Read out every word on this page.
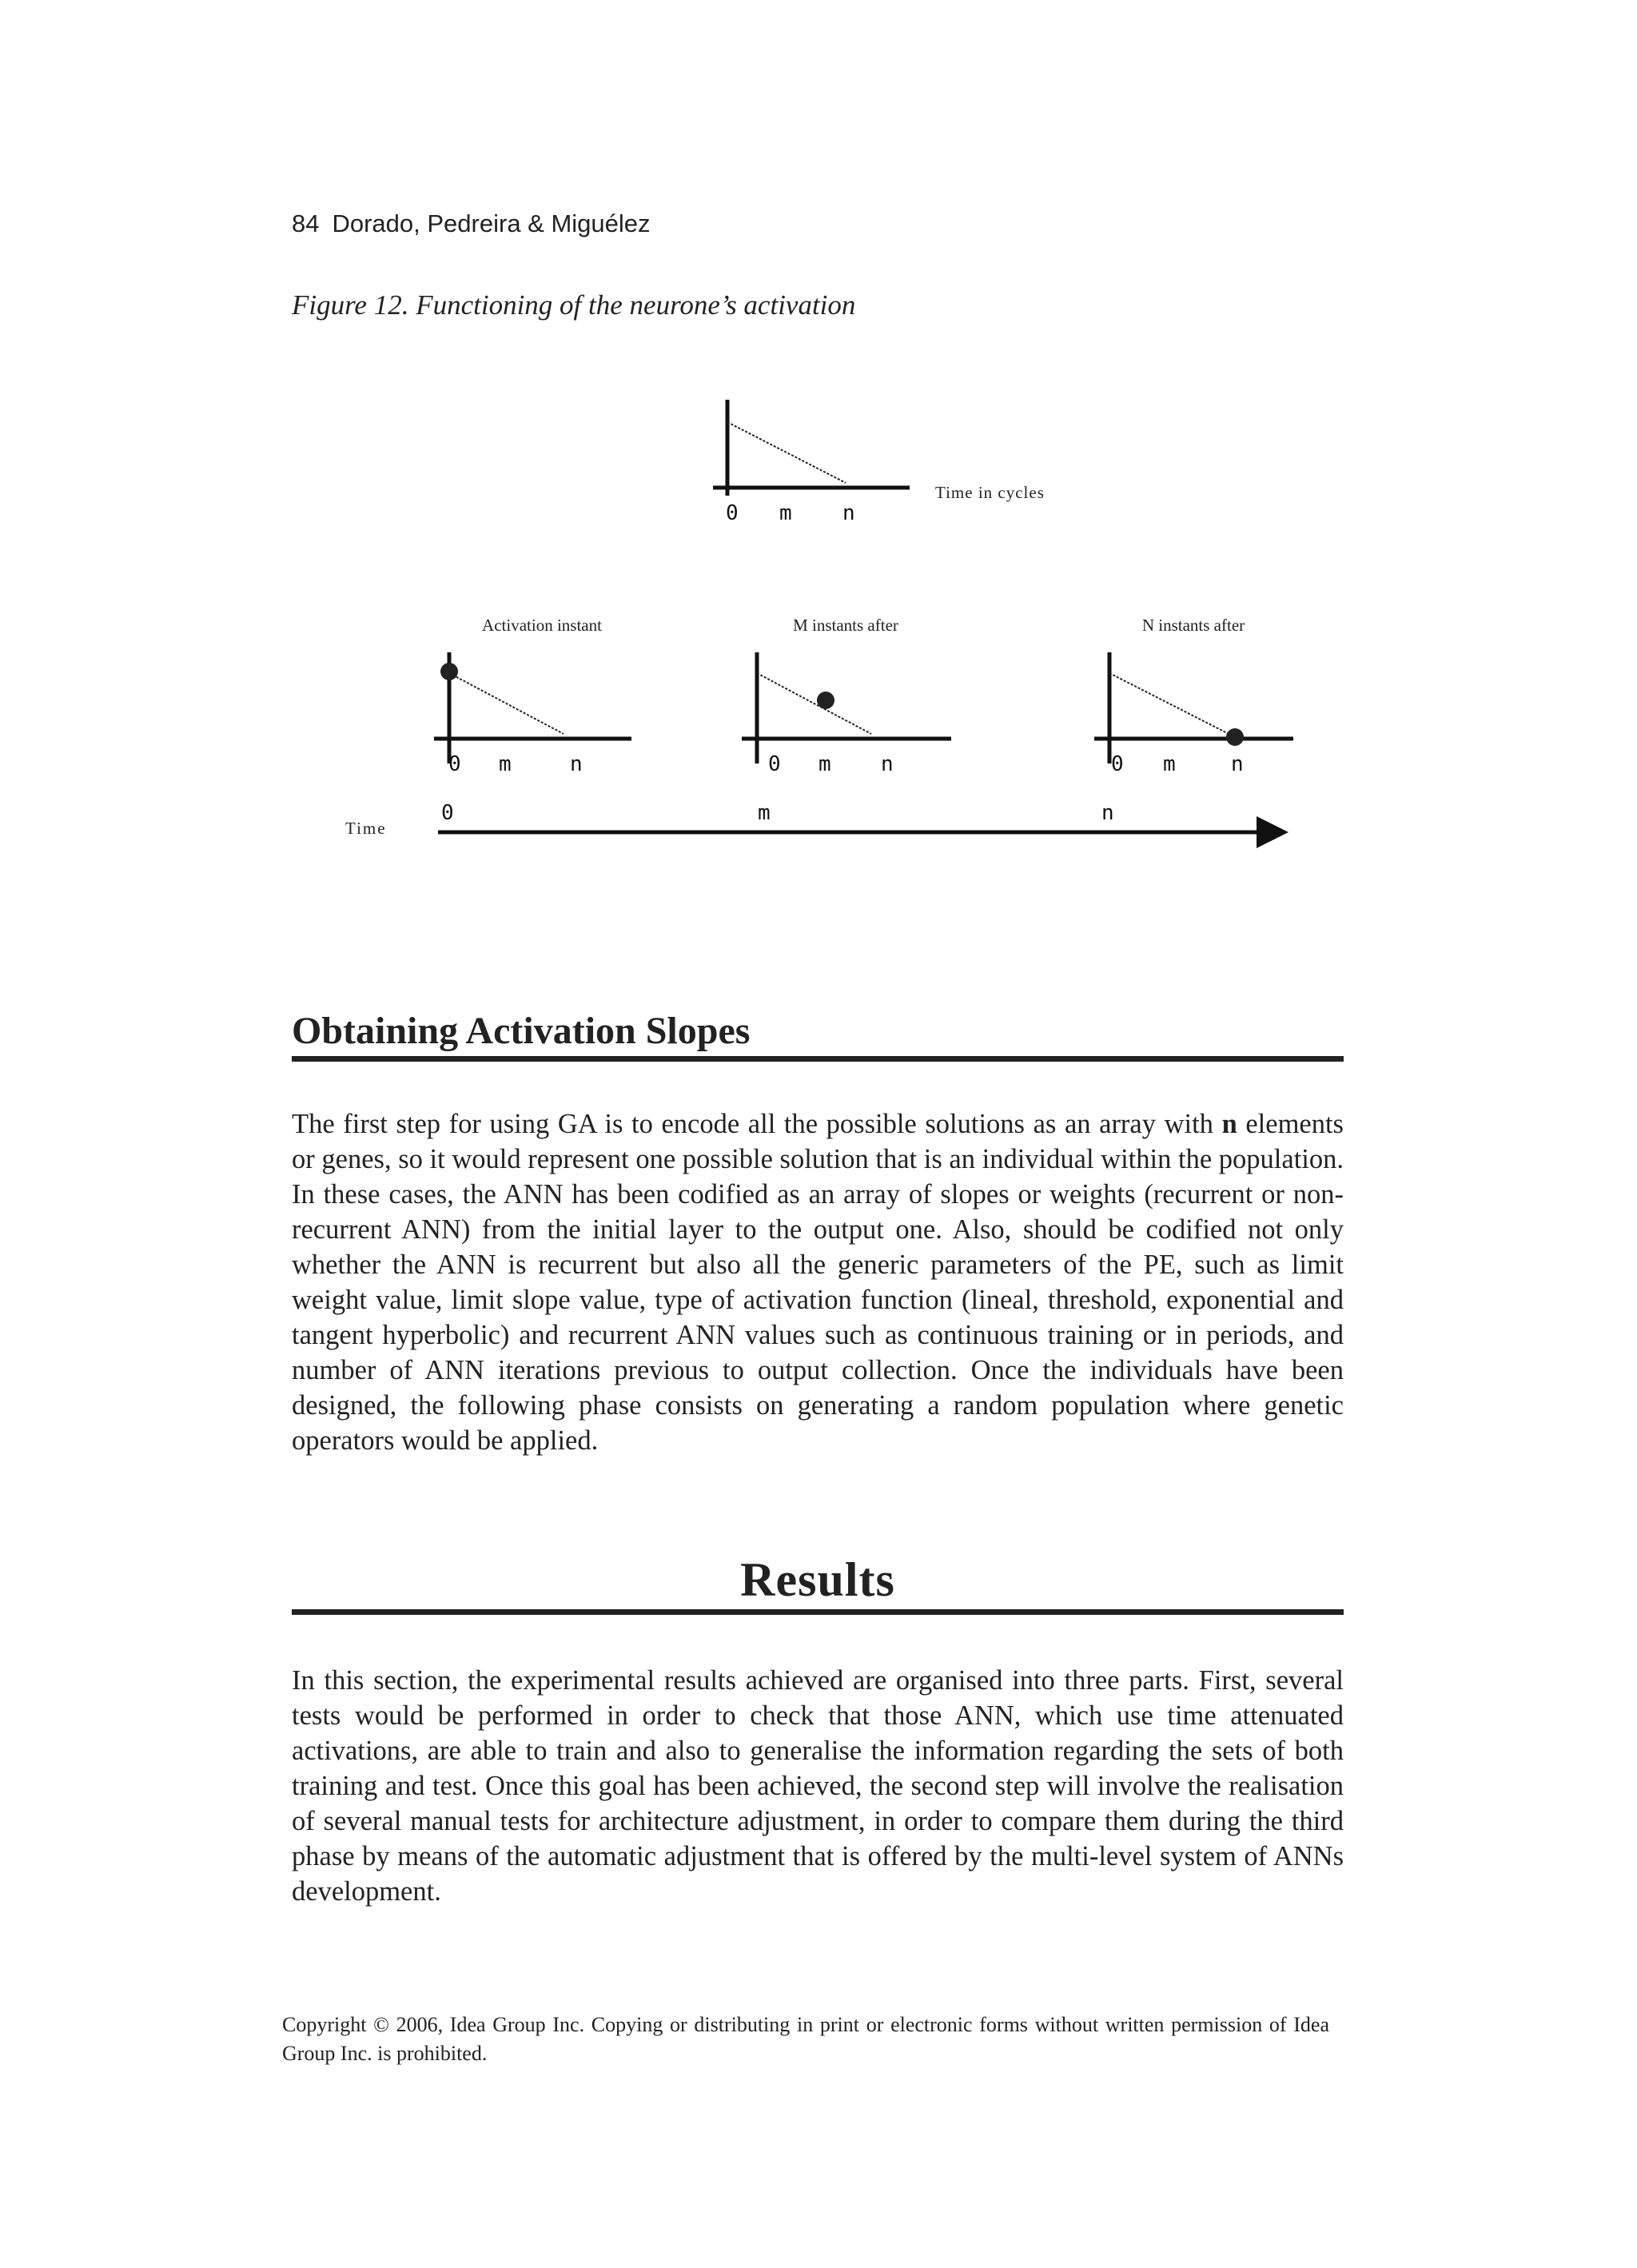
84 Dorado, Pedreira & Miguélez

Figure 12. Functioning of the neurone’s activation

0 m n
Time in cycles
Activation instant
0 m	n
M instants after
0 m n
N instants after
0 m	n
Time
0	m	n
Obtaining Activation Slopes

The first step for using GA is to encode all the possible solutions as an array with n elements or genes, so it would represent one possible solution that is an individual within the population. In these cases, the ANN has been codified as an array of slopes or weights (recurrent or non-recurrent ANN) from the initial layer to the output one. Also, should be codified not only whether the ANN is recurrent but also all the generic parameters of the PE, such as limit weight value, limit slope value, type of activation function (lineal, threshold, exponential and tangent hyperbolic) and recurrent ANN values such as continuous training or in periods, and number of ANN iterations previous to output collection. Once the individuals have been designed, the following phase consists on generating a random population where genetic operators would be applied.

Results

In this section, the experimental results achieved are organised into three parts. First, several tests would be performed in order to check that those ANN, which use time attenuated activations, are able to train and also to generalise the information regarding the sets of both training and test. Once this goal has been achieved, the second step will involve the realisation of several manual tests for architecture adjustment, in order to compare them during the third phase by means of the automatic adjustment that is offered by the multi-level system of ANNs development.

Copyright © 2006, Idea Group Inc. Copying or distributing in print or electronic forms without written permission of Idea Group Inc. is prohibited.
